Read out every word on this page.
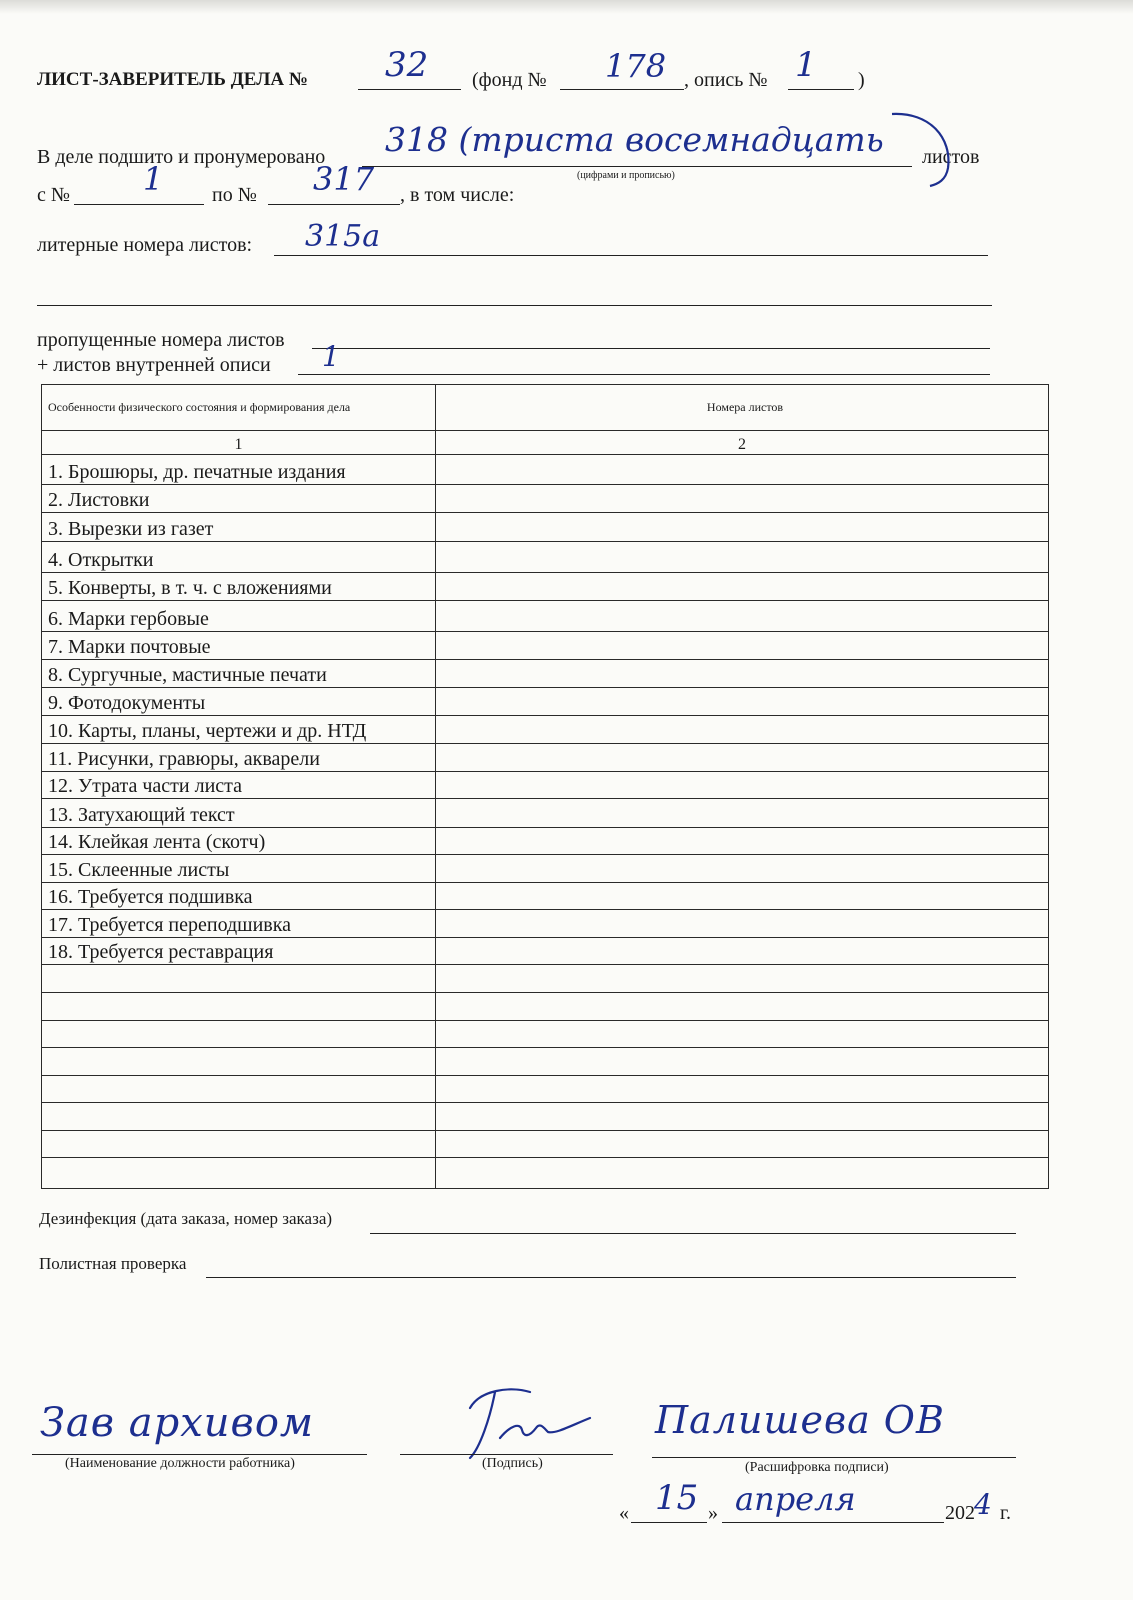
ЛИСТ-ЗАВЕРИТЕЛЬ ДЕЛА № 32 (фонд № 178 , опись № 1 )
В деле подшито и пронумеровано 318 (триста восемнадцать
(цифрами и прописью)
листов
с № 1 по № 317 , в том числе:
литерные номера листов: 315а
пропущенные номера листов
+ листов внутренней описи 1
Особенности физического состояния и формирования дела	Номера листов
1	2
1. Брошюры, др. печатные издания	
2. Листовки	
3. Вырезки из газет	
4. Открытки	
5. Конверты, в т. ч. с вложениями	
6. Марки гербовые	
7. Марки почтовые	
8. Сургучные, мастичные печати	
9. Фотодокументы	
10. Карты, планы, чертежи и др. НТД	
11. Рисунки, гравюры, акварели	
12. Утрата части листа	
13. Затухающий текст	
14. Клейкая лента (скотч)	
15. Склеенные листы	
16. Требуется подшивка	
17. Требуется переподшивка	
18. Требуется реставрация	

Дезинфекция (дата заказа, номер заказа)
Полистная проверка
Зав архивом
(Наименование должности работника)	(Подпись)
Палишева ОВ
(Расшифровка подписи)
« 15 » апреля	202 4 г.
